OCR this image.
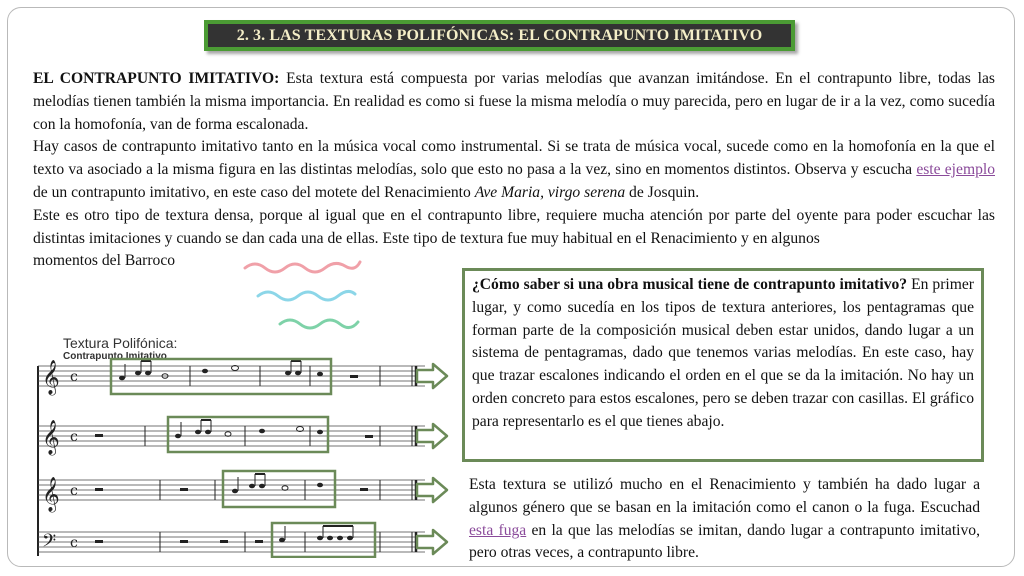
2. 3. LAS TEXTURAS POLIFÓNICAS: EL CONTRAPUNTO IMITATIVO

EL CONTRAPUNTO IMITATIVO: Esta textura está compuesta por varias melodías que avanzan imitándose. En el contrapunto libre, todas las melodías tienen también la misma importancia. En realidad es como si fuese la misma melodía o muy parecida, pero en lugar de ir a la vez, como sucedía con la homofonía, van de forma escalonada.

Hay casos de contrapunto imitativo tanto en la música vocal como instrumental. Si se trata de música vocal, sucede como en la homofonía en la que el texto va asociado a la misma figura en las distintas melodías, solo que esto no pasa a la vez, sino en momentos distintos. Observa y escucha este ejemplo de un contrapunto imitativo, en este caso del motete del Renacimiento Ave Maria, virgo serena de Josquin.

Este es otro tipo de textura densa, porque al igual que en el contrapunto libre, requiere mucha atención por parte del oyente para poder escuchar las distintas imitaciones y cuando se dan cada una de ellas. Este tipo de textura fue muy habitual en el Renacimiento y en algunos

momentos del Barroco

Textura Polifónica:
Contrapunto Imitativo
𝄞 c
𝄞 c
𝄞 c
𝄢 c
¿Cómo saber si una obra musical tiene de contrapunto imitativo? En primer lugar, y como sucedía en los tipos de textura anteriores, los pentagramas que forman parte de la composición musical deben estar unidos, dando lugar a un sistema de pentagramas, dado que tenemos varias melodías. En este caso, hay que trazar escalones indicando el orden en el que se da la imitación. No hay un orden concreto para estos escalones, pero se deben trazar con casillas. El gráfico para representarlo es el que tienes abajo.
Esta textura se utilizó mucho en el Renacimiento y también ha dado lugar a algunos género que se basan en la imitación como el canon o la fuga. Escuchad esta fuga en la que las melodías se imitan, dando lugar a contrapunto imitativo, pero otras veces, a contrapunto libre.
